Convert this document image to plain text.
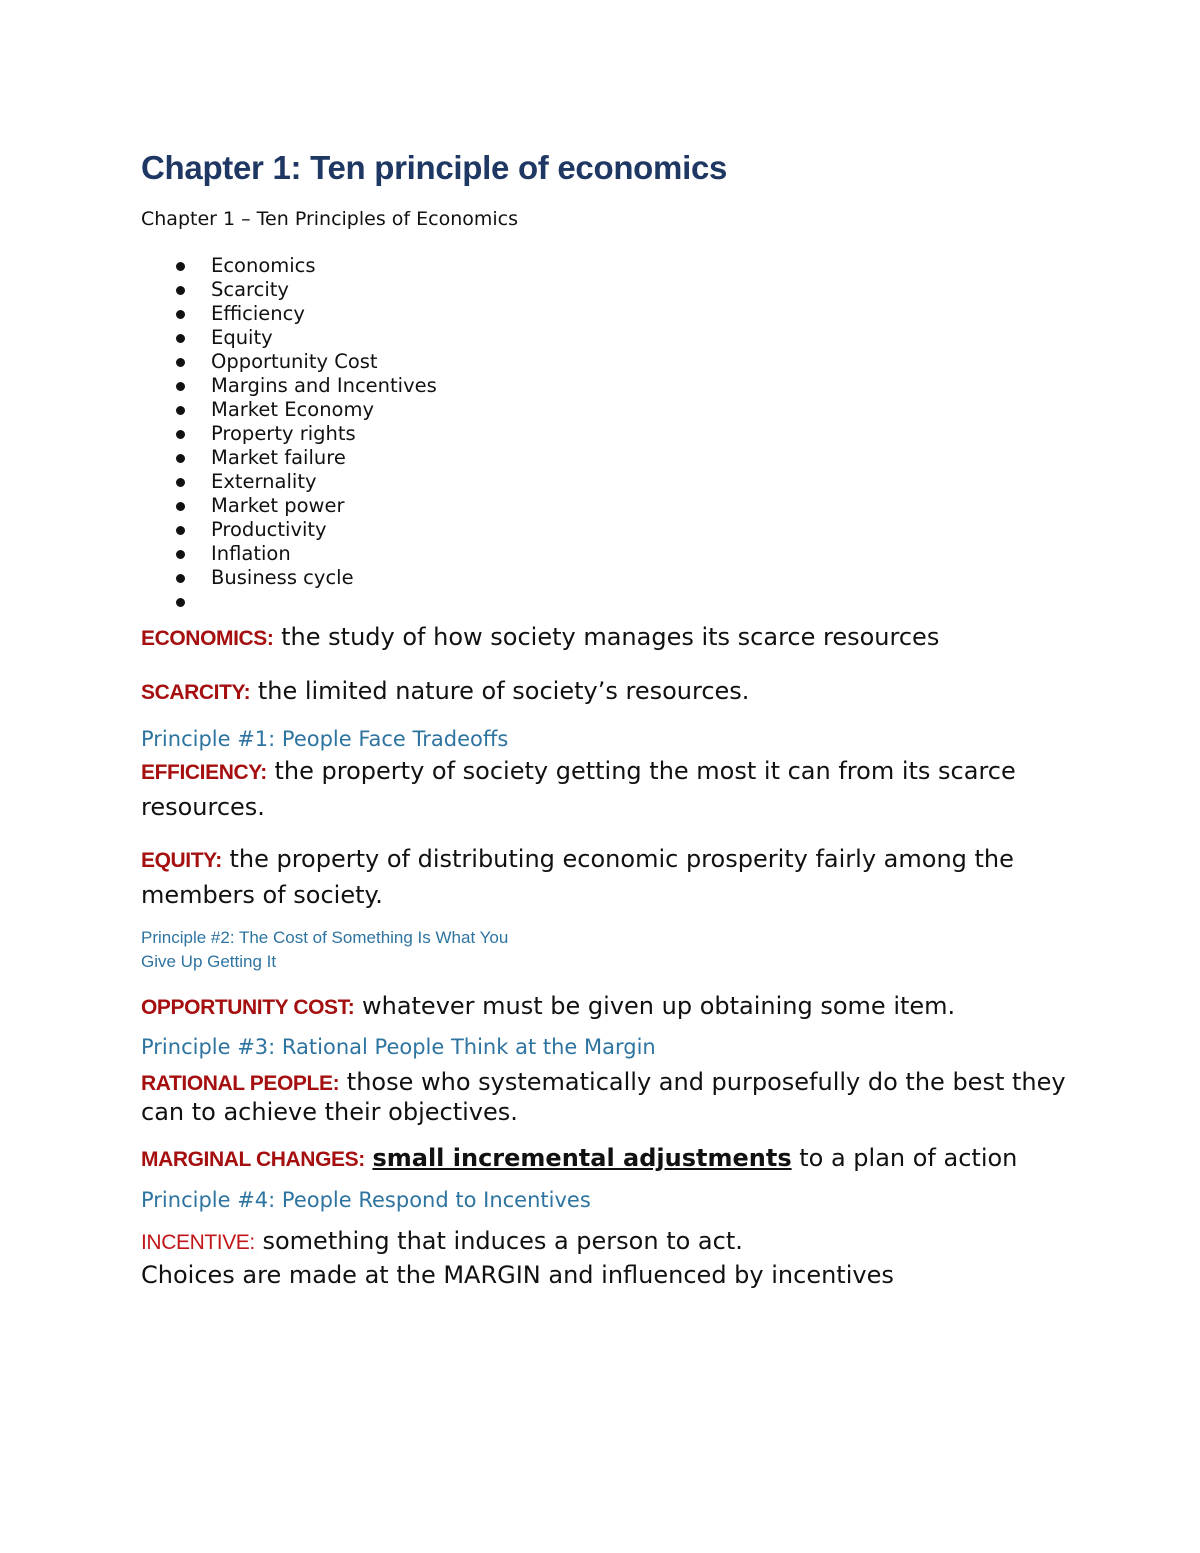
Chapter 1: Ten principle of economics

Chapter 1 – Ten Principles of Economics

Economics
Scarcity
Efficiency
Equity
Opportunity Cost
Margins and Incentives
Market Economy
Property rights
Market failure
Externality
Market power
Productivity
Inflation
Business cycle

ECONOMICS: the study of how society manages its scarce resources

SCARCITY: the limited nature of society’s resources.

Principle #1: People Face Tradeoffs

EFFICIENCY: the property of society getting the most it can from its scarce resources.

EQUITY: the property of distributing economic prosperity fairly among the members of society.

Principle #2: The Cost of Something Is What You

Give Up Getting It

OPPORTUNITY COST: whatever must be given up obtaining some item.

Principle #3: Rational People Think at the Margin

RATIONAL PEOPLE: those who systematically and purposefully do the best they can to achieve their objectives.

MARGINAL CHANGES: small incremental adjustments to a plan of action

Principle #4: People Respond to Incentives

INCENTIVE: something that induces a person to act.

Choices are made at the MARGIN and influenced by incentives
